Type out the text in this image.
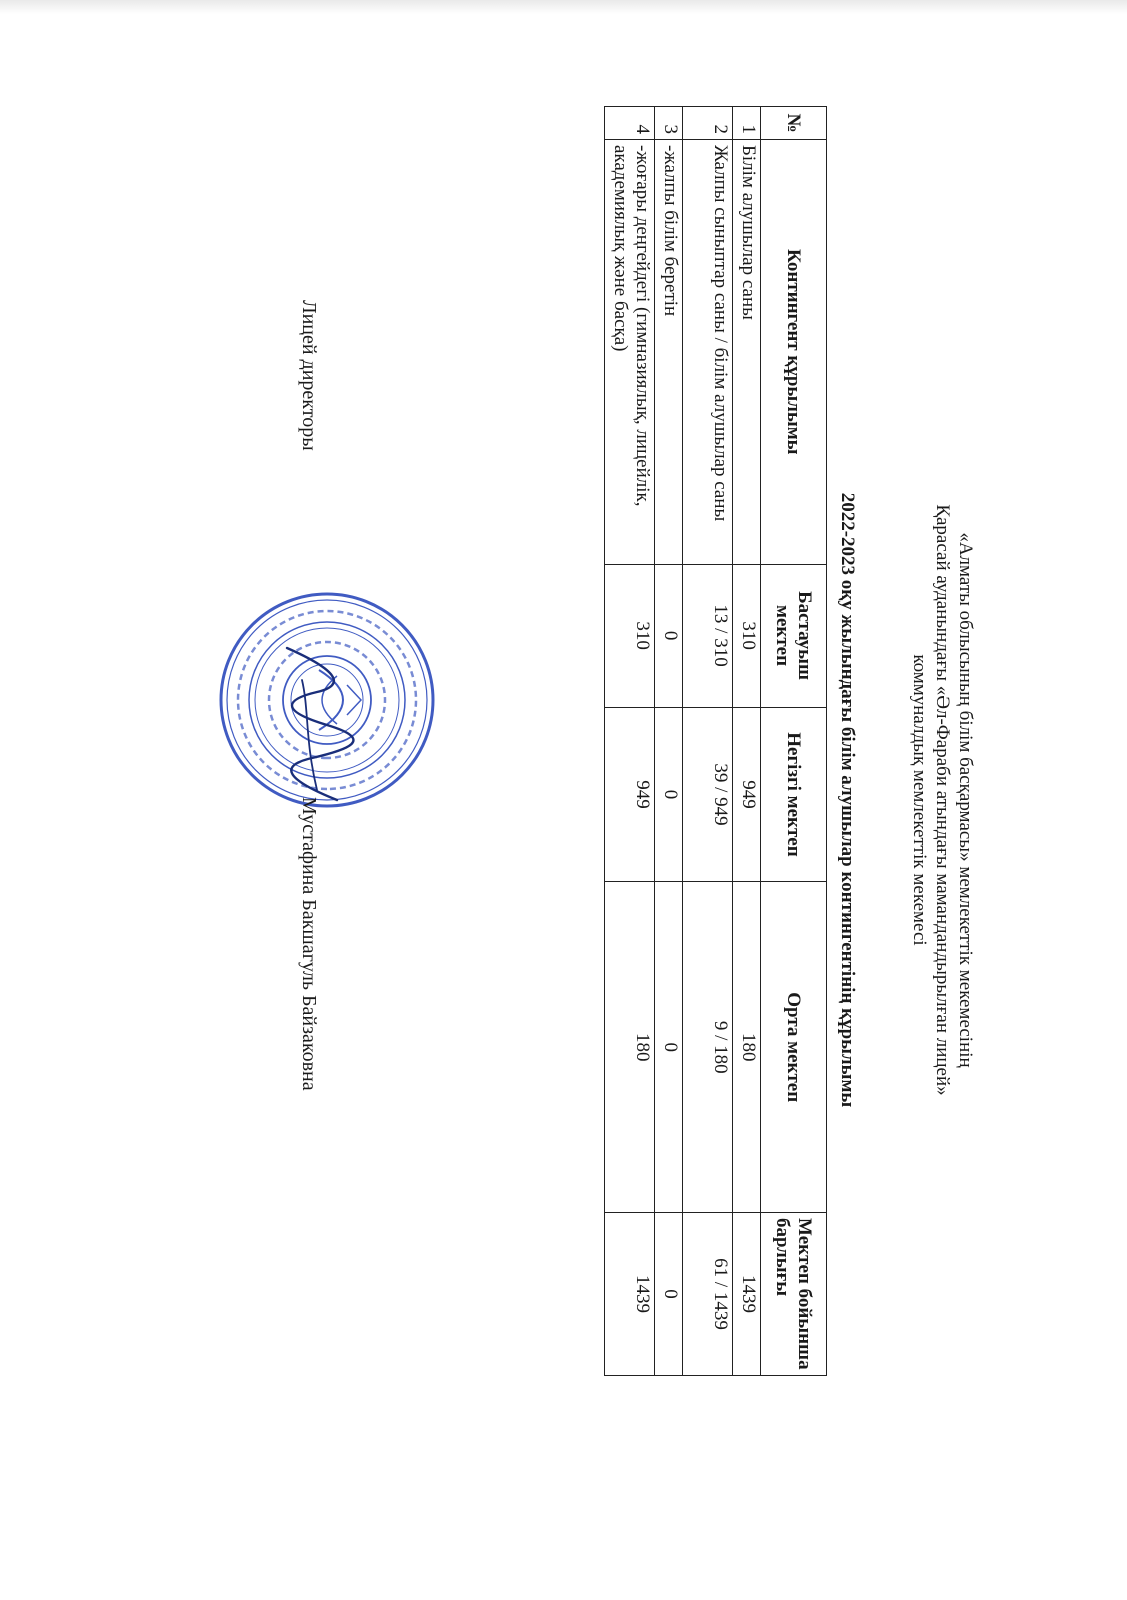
«Алматы облысының білім басқармасы» мемлекеттік мекемесінің
Қарасай ауданындағы «Әл-Фараби атындағы мамандандырылған лицей»
коммуналдық мемлекеттік мекемесі
2022-2023 оқу жылындағы білім алушылар контингентінің құрылымы
№	Контингент құрылымы	Бастауыш мектеп	Негізгі мектеп	Орта мектеп	Мектеп бойынша барлығы
1	Білім алушылар саны	310	949	180	1439
2	Жалпы сыныптар саны / білім алушылар саны	13 / 310	39 / 949	9 / 180	61 / 1439
3	-жалпы білім беретін	0	0	0	0
4	-жоғары деңгейдегі (гимназиялық, лицейлік, академиялық және басқа)	310	949	180	1439
Лицей директоры
Мустафина Бакшагуль Байзаковна
